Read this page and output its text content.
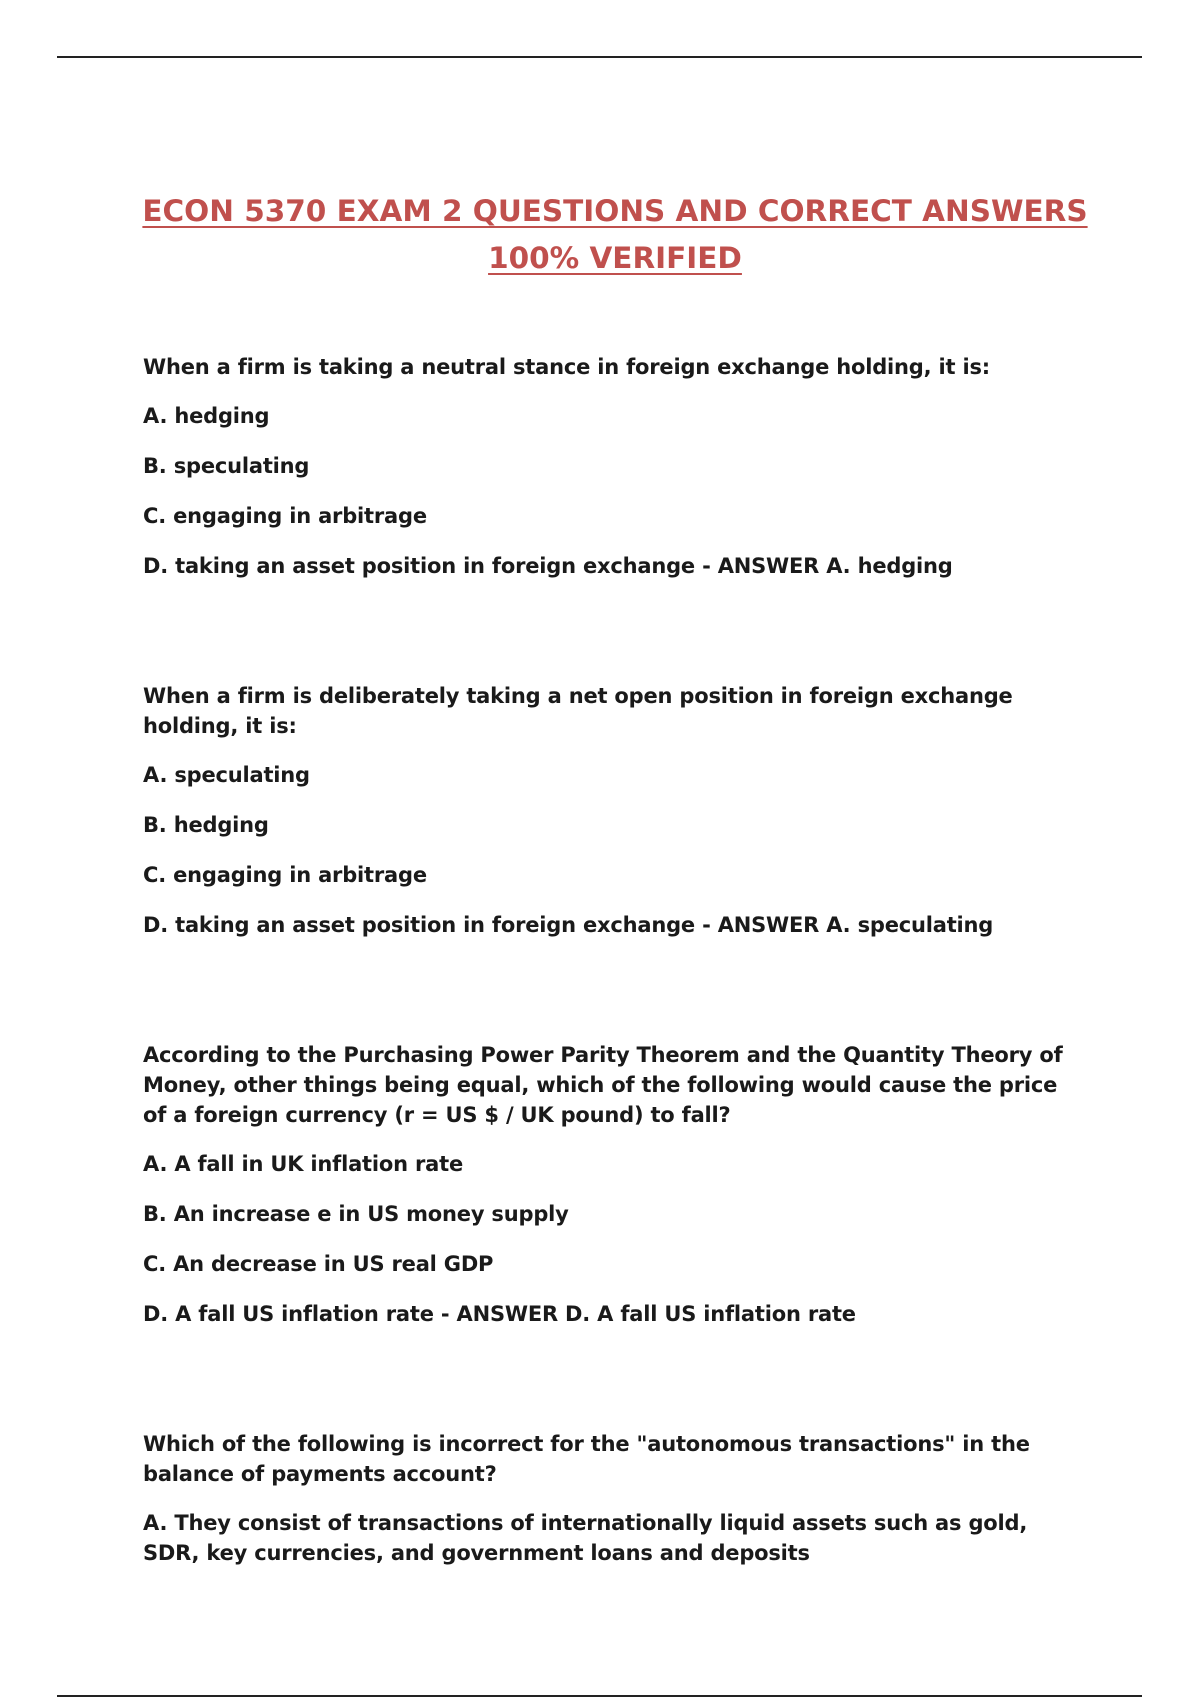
ECON 5370 EXAM 2 QUESTIONS AND CORRECT ANSWERS
100% VERIFIED

When a firm is taking a neutral stance in foreign exchange holding, it is:

A. hedging

B. speculating

C. engaging in arbitrage

D. taking an asset position in foreign exchange - ANSWER A. hedging

When a firm is deliberately taking a net open position in foreign exchange holding, it is:

A. speculating

B. hedging

C. engaging in arbitrage

D. taking an asset position in foreign exchange - ANSWER A. speculating

According to the Purchasing Power Parity Theorem and the Quantity Theory of Money, other things being equal, which of the following would cause the price of a foreign currency (r = US $ / UK pound) to fall?

A. A fall in UK inflation rate

B. An increase e in US money supply

C. An decrease in US real GDP

D. A fall US inflation rate - ANSWER D. A fall US inflation rate

Which of the following is incorrect for the "autonomous transactions" in the balance of payments account?

A. They consist of transactions of internationally liquid assets such as gold, SDR, key currencies, and government loans and deposits
